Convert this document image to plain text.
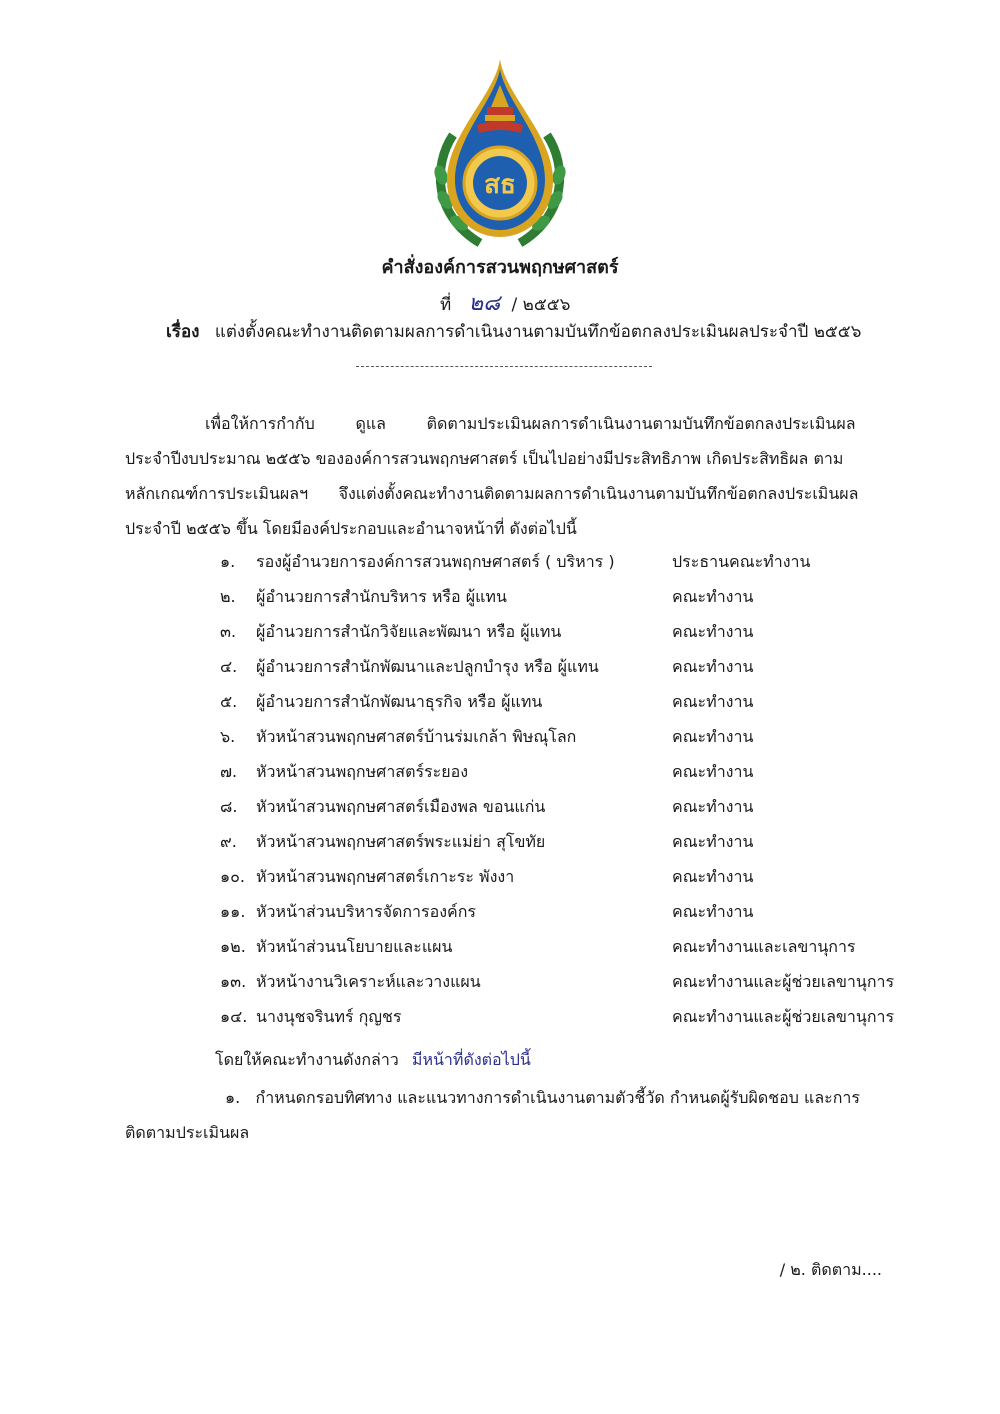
สธ
คำสั่งองค์การสวนพฤกษศาสตร์
ที่ ๒๘ / ๒๕๕๖
เรื่อง แต่งตั้งคณะทำงานติดตามผลการดำเนินงานตามบันทึกข้อตกลงประเมินผลประจำปี ๒๕๕๖
เพื่อให้การกำกับ        ดูแล        ติดตามประเมินผลการดำเนินงานตามบันทึกข้อตกลงประเมินผล
ประจำปีงบประมาณ ๒๕๕๖ ขององค์การสวนพฤกษศาสตร์ เป็นไปอย่างมีประสิทธิภาพ เกิดประสิทธิผล ตาม
หลักเกณฑ์การประเมินผลฯ      จึงแต่งตั้งคณะทำงานติดตามผลการดำเนินงานตามบันทึกข้อตกลงประเมินผล
ประจำปี ๒๕๕๖ ขึ้น โดยมีองค์ประกอบและอำนาจหน้าที่ ดังต่อไปนี้
๑. รองผู้อำนวยการองค์การสวนพฤกษศาสตร์ ( บริหาร )	ประธานคณะทำงาน
๒. ผู้อำนวยการสำนักบริหาร หรือ ผู้แทน	คณะทำงาน
๓. ผู้อำนวยการสำนักวิจัยและพัฒนา หรือ ผู้แทน	คณะทำงาน
๔. ผู้อำนวยการสำนักพัฒนาและปลูกบำรุง หรือ ผู้แทน	คณะทำงาน
๕. ผู้อำนวยการสำนักพัฒนาธุรกิจ หรือ ผู้แทน	คณะทำงาน
๖. หัวหน้าสวนพฤกษศาสตร์บ้านร่มเกล้า พิษณุโลก	คณะทำงาน
๗. หัวหน้าสวนพฤกษศาสตร์ระยอง	คณะทำงาน
๘. หัวหน้าสวนพฤกษศาสตร์เมืองพล ขอนแก่น	คณะทำงาน
๙. หัวหน้าสวนพฤกษศาสตร์พระแม่ย่า สุโขทัย	คณะทำงาน
๑๐. หัวหน้าสวนพฤกษศาสตร์เกาะระ พังงา	คณะทำงาน
๑๑. หัวหน้าส่วนบริหารจัดการองค์กร	คณะทำงาน
๑๒. หัวหน้าส่วนนโยบายและแผน	คณะทำงานและเลขานุการ
๑๓. หัวหน้างานวิเคราะห์และวางแผน	คณะทำงานและผู้ช่วยเลขานุการ
๑๔. นางนุชจรินทร์ กุญชร	คณะทำงานและผู้ช่วยเลขานุการ
โดยให้คณะทำงานดังกล่าว มีหน้าที่ดังต่อไปนี้
๑.   กำหนดกรอบทิศทาง และแนวทางการดำเนินงานตามตัวชี้วัด กำหนดผู้รับผิดชอบ และการ
ติดตามประเมินผล
/ ๒. ติดตาม....
